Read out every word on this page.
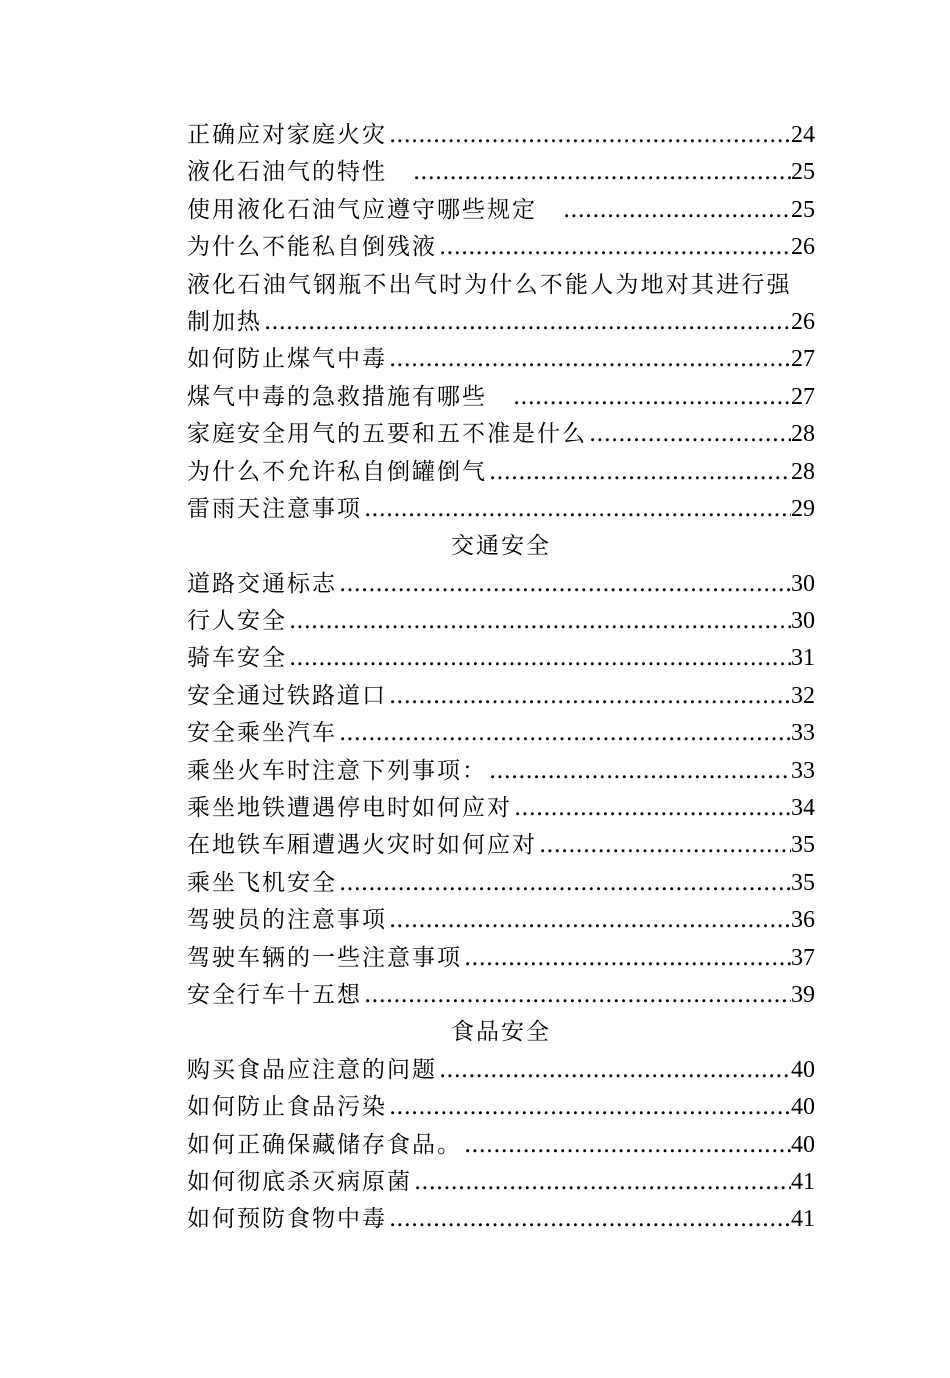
正确应对家庭火灾 .....	24
液化石油气的特性 .....	25
使用液化石油气应遵守哪些规定 .....	25
为什么不能私自倒残液 .....	26
液化石油气钢瓶不出气时为什么不能人为地对其进行强
制加热 .....	26
如何防止煤气中毒 .....	27
煤气中毒的急救措施有哪些 .....	27
家庭安全用气的五要和五不准是什么 .....	28
为什么不允许私自倒罐倒气 .....	28
雷雨天注意事项 .....	29
交通安全
道路交通标志 .....	30
行人安全 .....	30
骑车安全 .....	31
安全通过铁路道口 .....	32
安全乘坐汽车 .....	33
乘坐火车时注意下列事项： .....	33
乘坐地铁遭遇停电时如何应对 .....	34
在地铁车厢遭遇火灾时如何应对 .....	35
乘坐飞机安全 .....	35
驾驶员的注意事项 .....	36
驾驶车辆的一些注意事项 .....	37
安全行车十五想 .....	39
食品安全
购买食品应注意的问题 .....	40
如何防止食品污染 .....	40
如何正确保藏储存食品。 .....	40
如何彻底杀灭病原菌 .....	41
如何预防食物中毒 .....	41
